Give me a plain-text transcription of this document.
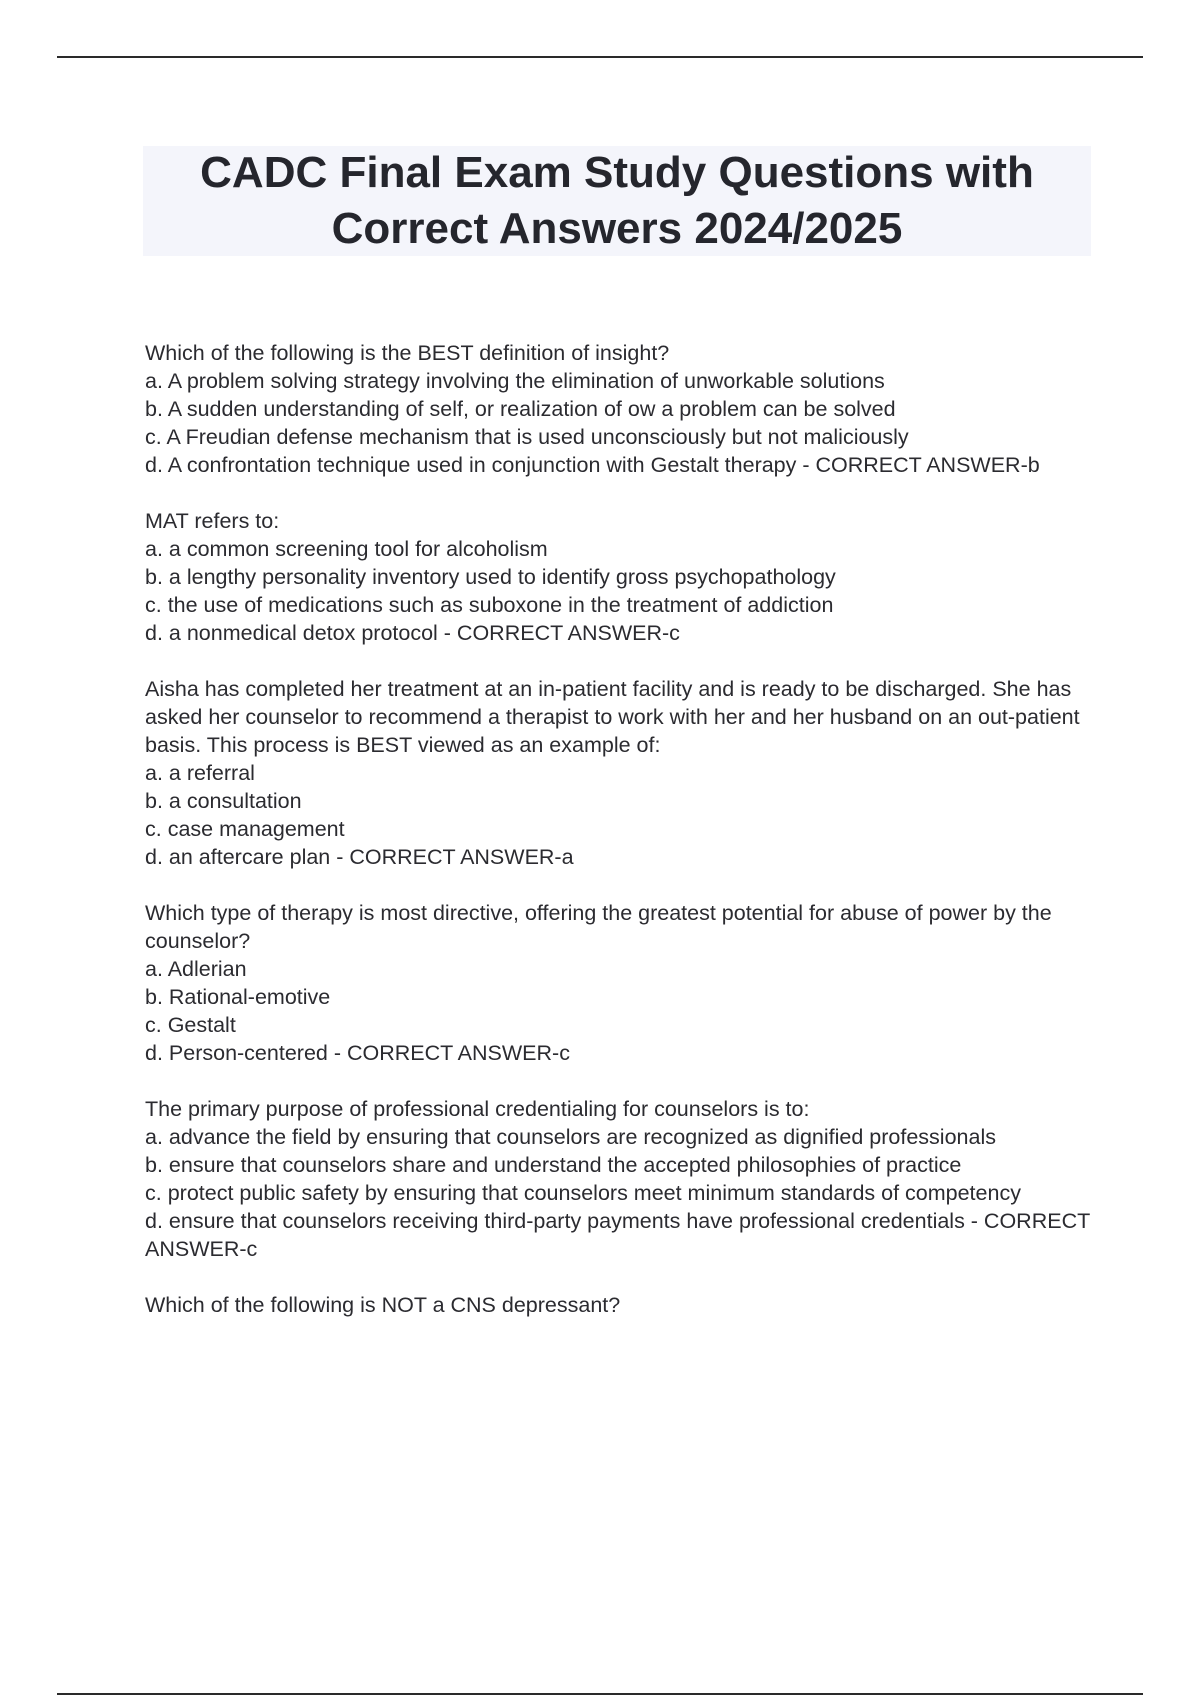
CADC Final Exam Study Questions with
Correct Answers 2024/2025
Which of the following is the BEST definition of insight?
a. A problem solving strategy involving the elimination of unworkable solutions
b. A sudden understanding of self, or realization of ow a problem can be solved
c. A Freudian defense mechanism that is used unconsciously but not maliciously
d. A confrontation technique used in conjunction with Gestalt therapy - CORRECT ANSWER-b
MAT refers to:
a. a common screening tool for alcoholism
b. a lengthy personality inventory used to identify gross psychopathology
c. the use of medications such as suboxone in the treatment of addiction
d. a nonmedical detox protocol - CORRECT ANSWER-c
Aisha has completed her treatment at an in-patient facility and is ready to be discharged. She has asked her counselor to recommend a therapist to work with her and her husband on an out-patient basis. This process is BEST viewed as an example of:
a. a referral
b. a consultation
c. case management
d. an aftercare plan - CORRECT ANSWER-a
Which type of therapy is most directive, offering the greatest potential for abuse of power by the counselor?
a. Adlerian
b. Rational-emotive
c. Gestalt
d. Person-centered - CORRECT ANSWER-c
The primary purpose of professional credentialing for counselors is to:
a. advance the field by ensuring that counselors are recognized as dignified professionals
b. ensure that counselors share and understand the accepted philosophies of practice
c. protect public safety by ensuring that counselors meet minimum standards of competency
d. ensure that counselors receiving third-party payments have professional credentials - CORRECT ANSWER-c
Which of the following is NOT a CNS depressant?
